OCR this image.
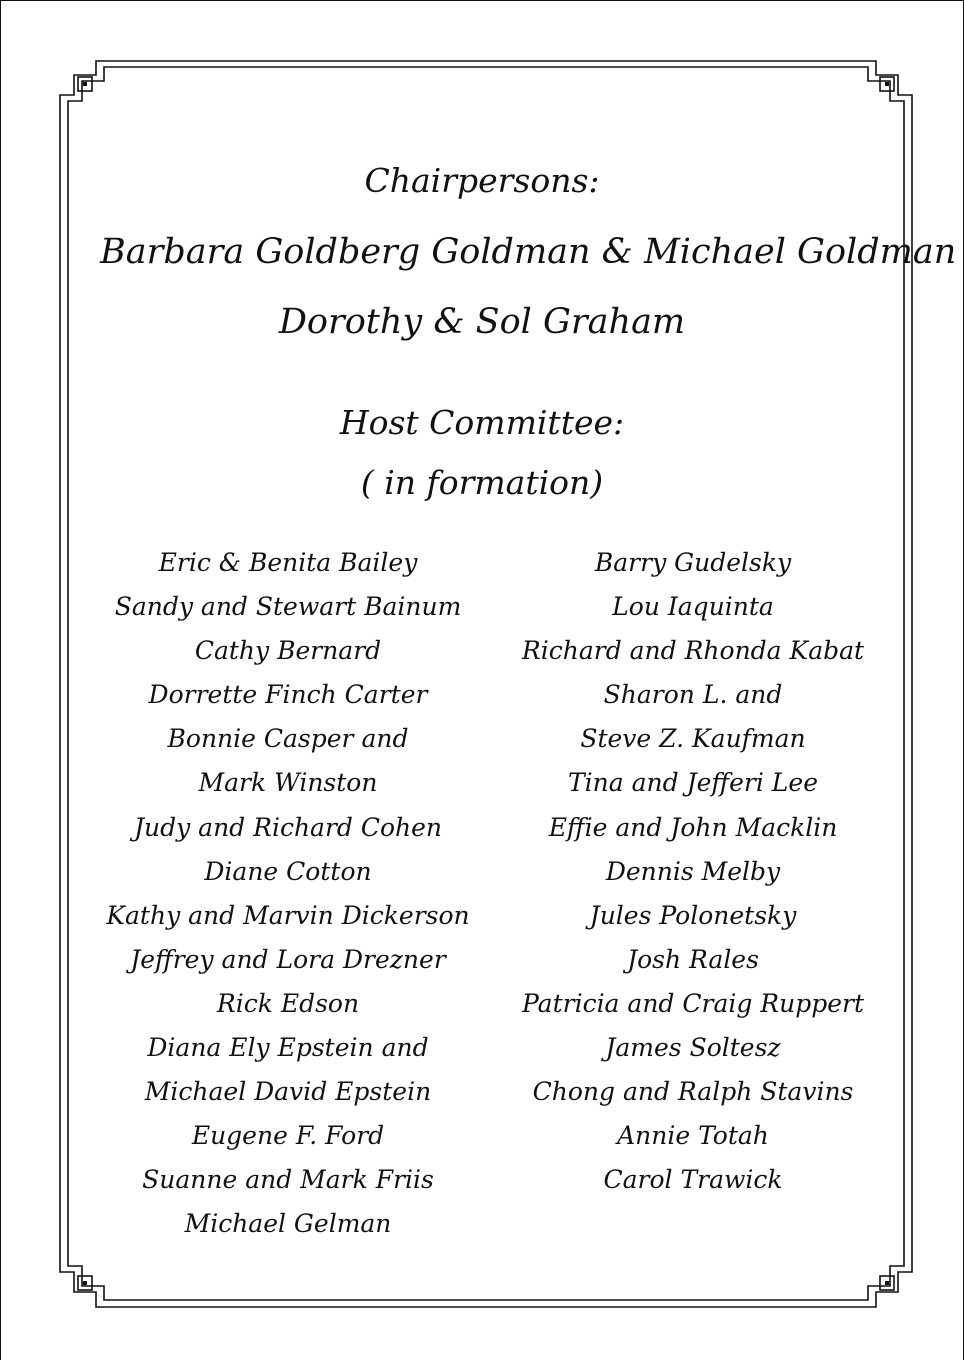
Chairpersons:
Barbara Goldberg Goldman & Michael Goldman
Dorothy & Sol Graham
Host Committee:
( in formation)
Eric & Benita Bailey
Sandy and Stewart Bainum
Cathy Bernard
Dorrette Finch Carter
Bonnie Casper and
Mark Winston
Judy and Richard Cohen
Diane Cotton
Kathy and Marvin Dickerson
Jeffrey and Lora Drezner
Rick Edson
Diana Ely Epstein and
Michael David Epstein
Eugene F. Ford
Suanne and Mark Friis
Michael Gelman
Barry Gudelsky
Lou Iaquinta
Richard and Rhonda Kabat
Sharon L. and
Steve Z. Kaufman
Tina and Jefferi Lee
Effie and John Macklin
Dennis Melby
Jules Polonetsky
Josh Rales
Patricia and Craig Ruppert
James Soltesz
Chong and Ralph Stavins
Annie Totah
Carol Trawick
